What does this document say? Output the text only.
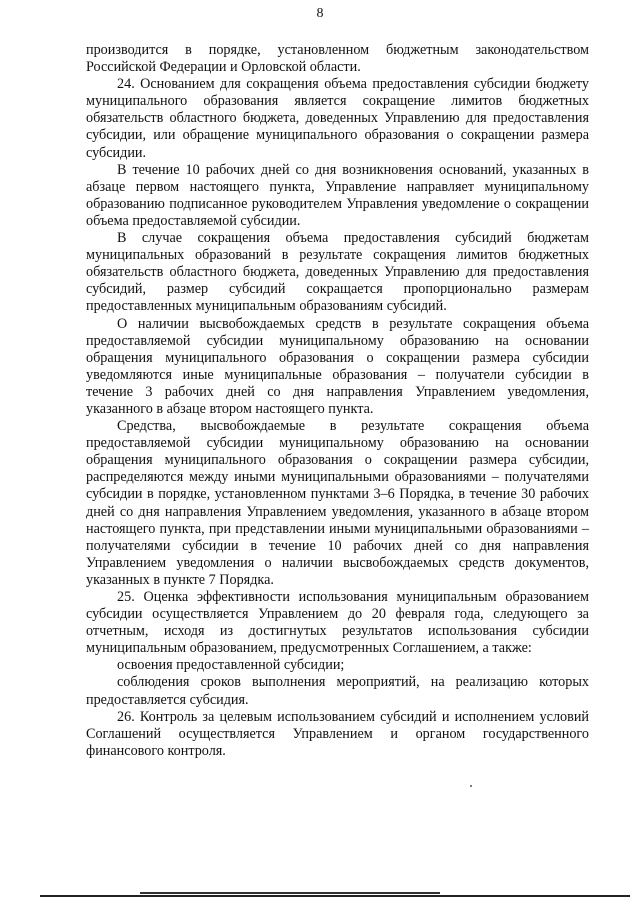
8

производится в порядке, установленном бюджетным законодательством Российской Федерации и Орловской области.

24. Основанием для сокращения объема предоставления субсидии бюджету муниципального образования является сокращение лимитов бюджетных обязательств областного бюджета, доведенных Управлению для предоставления субсидии, или обращение муниципального образования о сокращении размера субсидии.

В течение 10 рабочих дней со дня возникновения оснований, указанных в абзаце первом настоящего пункта, Управление направляет муниципальному образованию подписанное руководителем Управления уведомление о сокращении объема предоставляемой субсидии.

В случае сокращения объема предоставления субсидий бюджетам муниципальных образований в результате сокращения лимитов бюджетных обязательств областного бюджета, доведенных Управлению для предоставления субсидий, размер субсидий сокращается пропорционально размерам предоставленных муниципальным образованиям субсидий.

О наличии высвобождаемых средств в результате сокращения объема предоставляемой субсидии муниципальному образованию на основании обращения муниципального образования о сокращении размера субсидии уведомляются иные муниципальные образования – получатели субсидии в течение 3 рабочих дней со дня направления Управлением уведомления, указанного в абзаце втором настоящего пункта.

Средства, высвобождаемые в результате сокращения объема предоставляемой субсидии муниципальному образованию на основании обращения муниципального образования о сокращении размера субсидии, распределяются между иными муниципальными образованиями – получателями субсидии в порядке, установленном пунктами 3–6 Порядка, в течение 30 рабочих дней со дня направления Управлением уведомления, указанного в абзаце втором настоящего пункта, при представлении иными муниципальными образованиями – получателями субсидии в течение 10 рабочих дней со дня направления Управлением уведомления о наличии высвобождаемых средств документов, указанных в пункте 7 Порядка.

25. Оценка эффективности использования муниципальным образованием субсидии осуществляется Управлением до 20 февраля года, следующего за отчетным, исходя из достигнутых результатов использования субсидии муниципальным образованием, предусмотренных Соглашением, а также:

освоения предоставленной субсидии;

соблюдения сроков выполнения мероприятий, на реализацию которых предоставляется субсидия.

26. Контроль за целевым использованием субсидий и исполнением условий Соглашений осуществляется Управлением и органом государственного финансового контроля.
